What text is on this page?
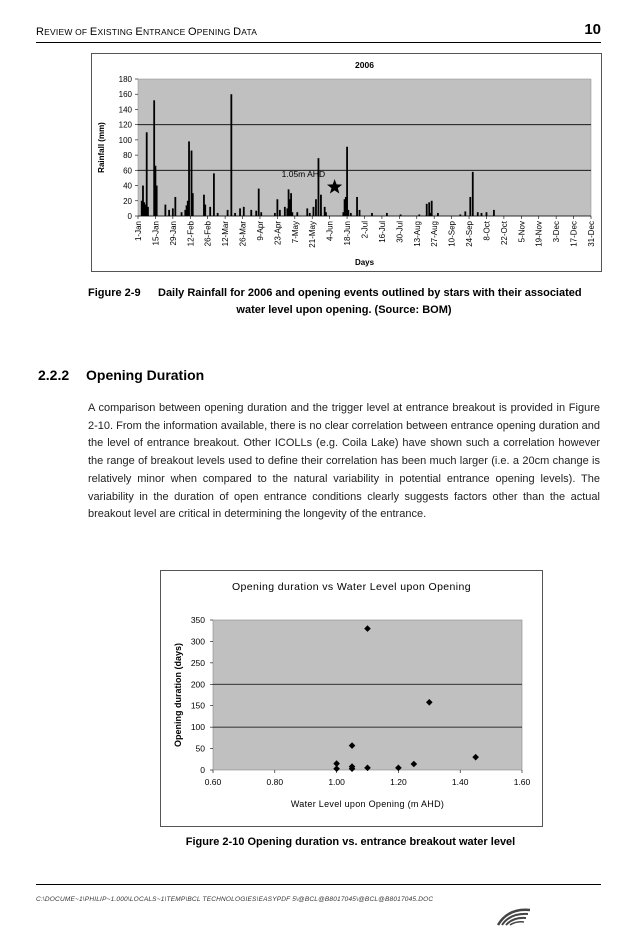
REVIEW OF EXISTING ENTRANCE OPENING DATA	10
2006
0
20
40
60
80
100
120
140
160
180
Rainfall (mm)
1-Jan 15-Jan 29-Jan 12-Feb 26-Feb 12-Mar 26-Mar 9-Apr 23-Apr 7-May 21-May 4-Jun 18-Jun 2-Jul 16-Jul 30-Jul 13-Aug 27-Aug 10-Sep 24-Sep 8-Oct 22-Oct 5-Nov 19-Nov 3-Dec 17-Dec 31-Dec
Days
1.05m AHD
Figure 2-9 Daily Rainfall for 2006 and opening events outlined by stars with their associated
water level upon opening. (Source: BOM)
2.2.2 Opening Duration
A comparison between opening duration and the trigger level at entrance breakout is provided in Figure 2-10. From the information available, there is no clear correlation between entrance opening duration and the level of entrance breakout. Other ICOLLs (e.g. Coila Lake) have shown such a correlation however the range of breakout levels used to define their correlation has been much larger (i.e. a 20cm change is relatively minor when compared to the natural variability in potential entrance opening levels). The variability in the duration of open entrance conditions clearly suggests factors other than the actual breakout level are critical in determining the longevity of the entrance.
Opening duration vs Water Level upon Opening
0
50
100
150
200
250
300
350
0.60	0.80	1.00	1.20	1.40	1.60
Opening duration (days)
Water Level upon Opening (m AHD)
Figure 2-10 Opening duration vs. entrance breakout water level
C:\DOCUME~1\PHILIP~1.000\LOCALS~1\TEMP\BCL TECHNOLOGIES\EASYPDF 5\@BCL@B8017045\@BCL@B8017045.DOC
